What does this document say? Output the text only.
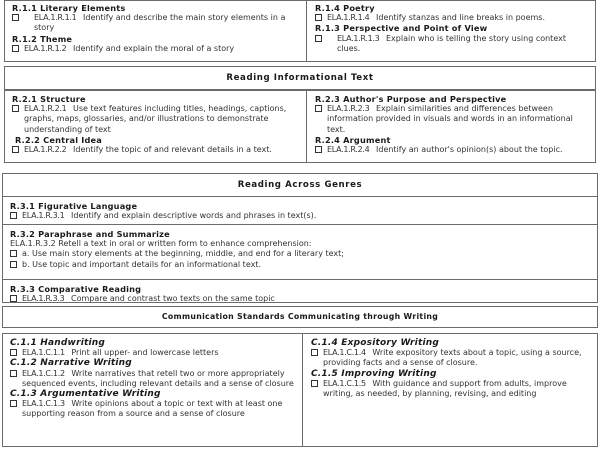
R.1.1 Literary Elements
ELA.1.R.1.1 Identify and describe the main story elements in a story
R.1.2 Theme
ELA.1.R.1.2 Identify and explain the moral of a story
R.1.4 Poetry
ELA.1.R.1.4 Identify stanzas and line breaks in poems.
R.1.3 Perspective and Point of View
ELA.1.R.1.3 Explain who is telling the story using context clues.
Reading Informational Text
R.2.1 Structure
ELA.1.R.2.1 Use text features including titles, headings, captions, graphs, maps, glossaries, and/or illustrations to demonstrate understanding of text
R.2.2 Central Idea
ELA.1.R.2.2 Identify the topic of and relevant details in a text.
R.2.3 Author's Purpose and Perspective
ELA.1.R.2.3 Explain similarities and differences between information provided in visuals and words in an informational text.
R.2.4 Argument
ELA.1.R.2.4 Identify an author's opinion(s) about the topic.
Reading Across Genres
R.3.1 Figurative Language
ELA.1.R.3.1 Identify and explain descriptive words and phrases in text(s).
R.3.2 Paraphrase and Summarize
ELA.1.R.3.2 Retell a text in oral or written form to enhance comprehension:
a. Use main story elements at the beginning, middle, and end for a literary text;
b. Use topic and important details for an informational text.
R.3.3 Comparative Reading
ELA.1.R.3.3 Compare and contrast two texts on the same topic
Communication Standards Communicating through Writing
C.1.1 Handwriting
ELA.1.C.1.1 Print all upper- and lowercase letters
C.1.2 Narrative Writing
ELA.1.C.1.2 Write narratives that retell two or more appropriately sequenced events, including relevant details and a sense of closure
C.1.3 Argumentative Writing
ELA.1.C.1.3 Write opinions about a topic or text with at least one supporting reason from a source and a sense of closure
C.1.4 Expository Writing
ELA.1.C.1.4 Write expository texts about a topic, using a source, providing facts and a sense of closure.
C.1.5 Improving Writing
ELA.1.C.1.5 With guidance and support from adults, improve writing, as needed, by planning, revising, and editing
